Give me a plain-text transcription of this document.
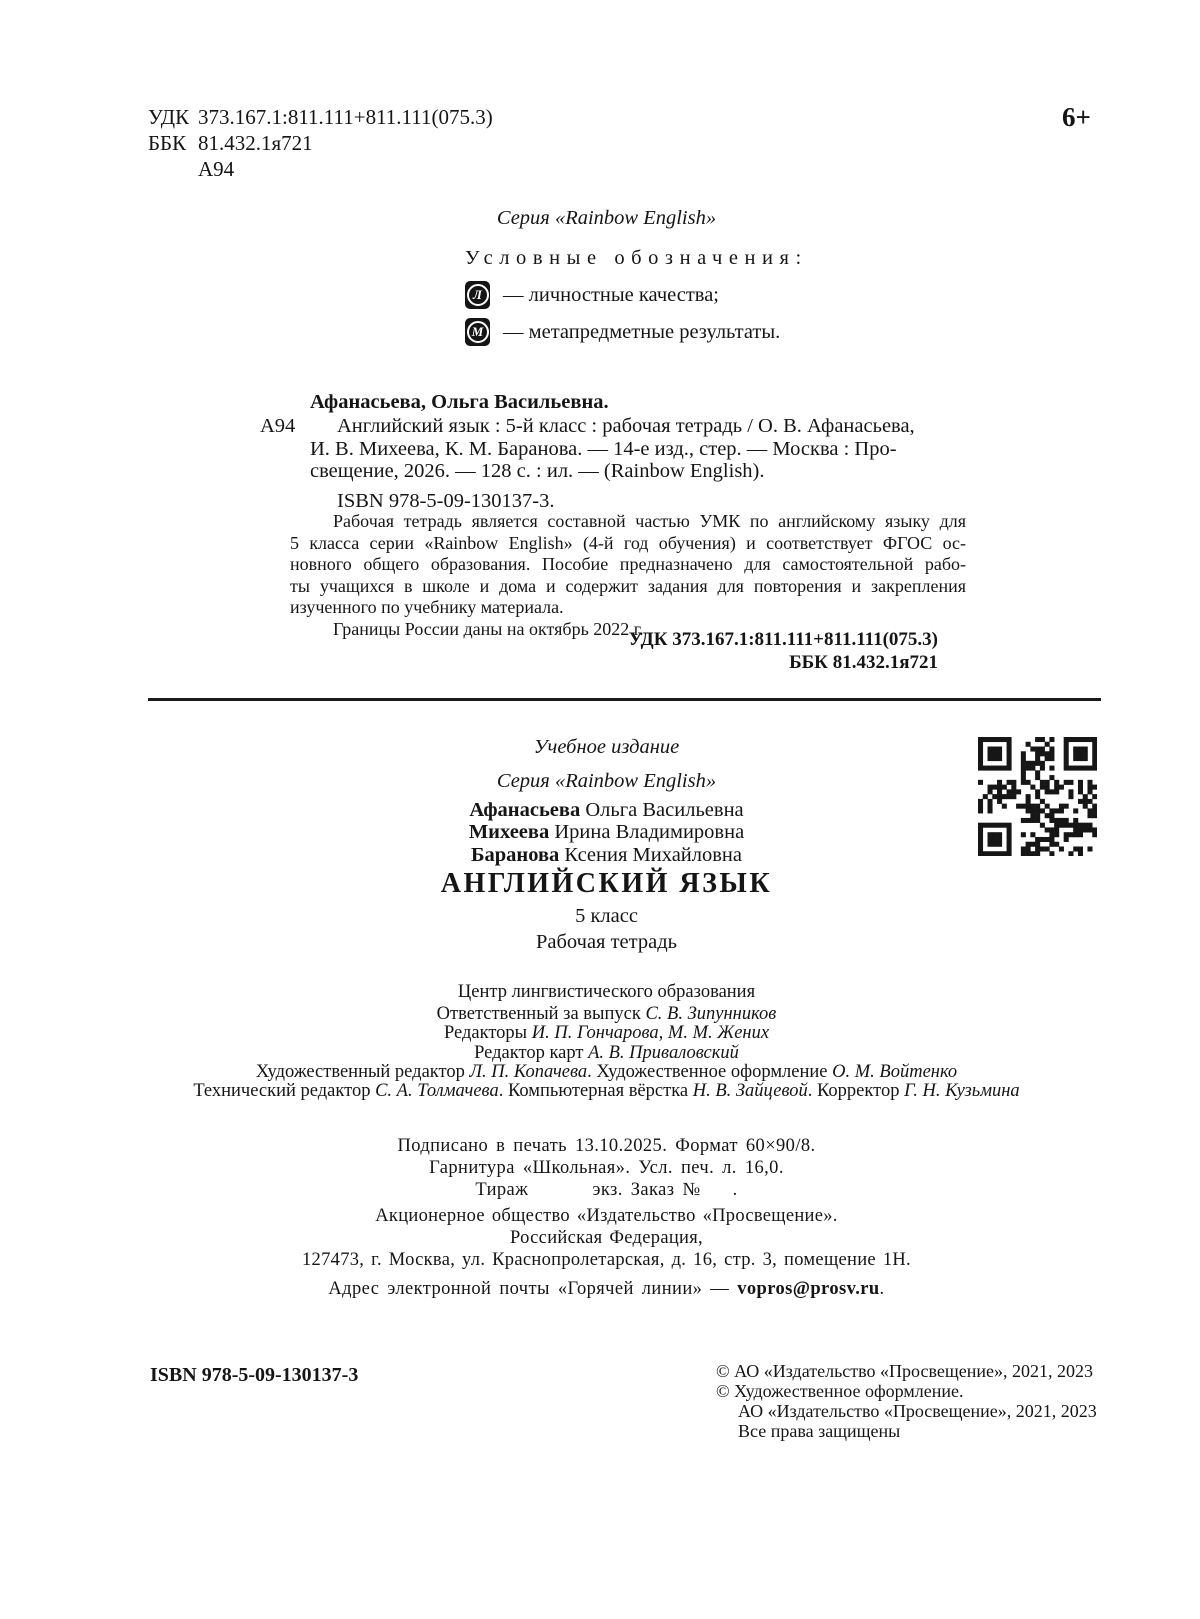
УДК 373.167.1:811.111+811.111(075.3)
ББК 81.432.1я721
А94
6+
Серия «Rainbow English»
Условные обозначения:
Л	— личностные качества;
М — метапредметные результаты.
Афанасьева, Ольга Васильевна.
А94 Английский язык : 5-й класс : рабочая тетрадь / О. В. Афанасьева,
И. В. Михеева, К. М. Баранова. — 14-е изд., стер. — Москва : Про-
свещение, 2026. — 128 с. : ил. — (Rainbow English).
ISBN 978-5-09-130137-3.
Рабочая тетрадь является составной частью УМК по английскому языку для
5 класса серии «Rainbow English» (4-й год обучения) и соответствует ФГОС ос-
новного общего образования. Пособие предназначено для самостоятельной рабо-
ты учащихся в школе и дома и содержит задания для повторения и закрепления
изученного по учебнику материала.
Границы России даны на октябрь 2022 г.
УДК 373.167.1:811.111+811.111(075.3)
ББК 81.432.1я721
Учебное издание
Серия «Rainbow English»
Афанасьева Ольга Васильевна
Михеева Ирина Владимировна
Баранова Ксения Михайловна
АНГЛИЙСКИЙ ЯЗЫК
5 класс
Рабочая тетрадь
Центр лингвистического образования
Ответственный за выпуск С. В. Зипунников
Редакторы И. П. Гончарова, М. М. Жених
Редактор карт А. В. Приваловский
Художественный редактор Л. П. Копачева. Художественное оформление О. М. Войтенко
Технический редактор С. А. Толмачева. Компьютерная вёрстка Н. В. Зайцевой. Корректор Г. Н. Кузьмина
Подписано в печать 13.10.2025. Формат 60×90/8.
Гарнитура «Школьная». Усл. печ. л. 16,0.
Тираж        экз. Заказ №    .
Акционерное общество «Издательство «Просвещение».
Российская Федерация,
127473, г. Москва, ул. Краснопролетарская, д. 16, стр. 3, помещение 1Н.
Адрес электронной почты «Горячей линии» — vopros@prosv.ru.
ISBN 978-5-09-130137-3	© АО «Издательство «Просвещение», 2021, 2023
© Художественное оформление.
АО «Издательство «Просвещение», 2021, 2023
Все права защищены
